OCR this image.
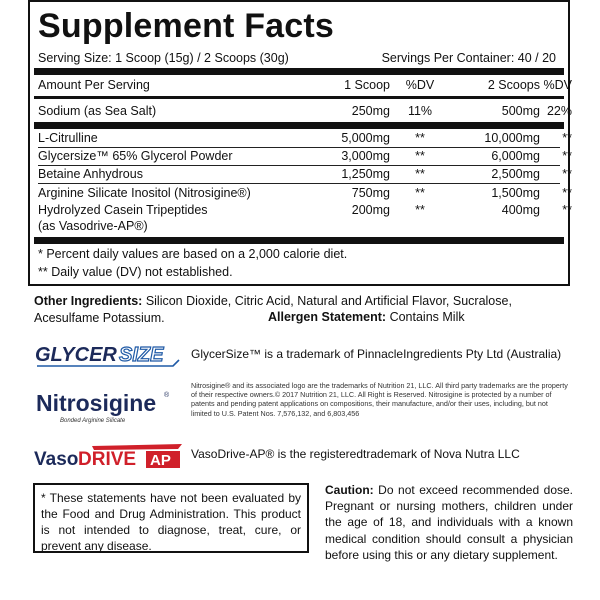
Supplement Facts
Serving Size: 1 Scoop (15g) / 2 Scoops (30g)	Servings Per Container: 40 / 20
Amount Per Serving	1 Scoop	%DV	2 Scoops %DV
Sodium (as Sea Salt)	250mg	11%	500mg 22%
L-Citrulline	5,000mg	**	10,000mg	**
Glycersize™ 65% Glycerol Powder	3,000mg	**	6,000mg	**
Betaine Anhydrous	1,250mg	**	2,500mg	**
Arginine Silicate Inositol (Nitrosigine®)	750mg	**	1,500mg	**
Hydrolyzed Casein Tripeptides	200mg	**	400mg	**
(as Vasodrive-AP®)
* Percent daily values are based on a 2,000 calorie diet.
** Daily value (DV) not established.
Other Ingredients: Silicon Dioxide, Citric Acid, Natural and Artificial Flavor, Sucralose, Acesulfame Potassium.	Allergen Statement: Contains Milk
GLYCER SIZE GlycerSize™ is a trademark of PinnacleIngredients Pty Ltd (Australia)
Nitrosigine
Bonded Arginine Silicate
®
Nitrosigine® and its associated logo are the trademarks of Nutrition 21, LLC. All third party trademarks are the property of their respective owners.© 2017 Nutrition 21, LLC. All Right is Reserved. Nitrosigine is protected by a number of patents and pending patent applications on compositions, their manufacture, and/or their uses, including, but not limited to U.S. Patent Nos. 7,576,132, and 6,803,456
Vaso DRIVE AP VasoDrive-AP® is the registeredtrademark of Nova Nutra LLC
* These statements have not been evaluated by the Food and Drug Administration. This product is not intended to diagnose, treat, cure, or prevent any disease.
Caution: Do not exceed recommended dose. Pregnant or nursing mothers, children under the age of 18, and individuals with a known medical condition should consult a physician before using this or any dietary supplement.
